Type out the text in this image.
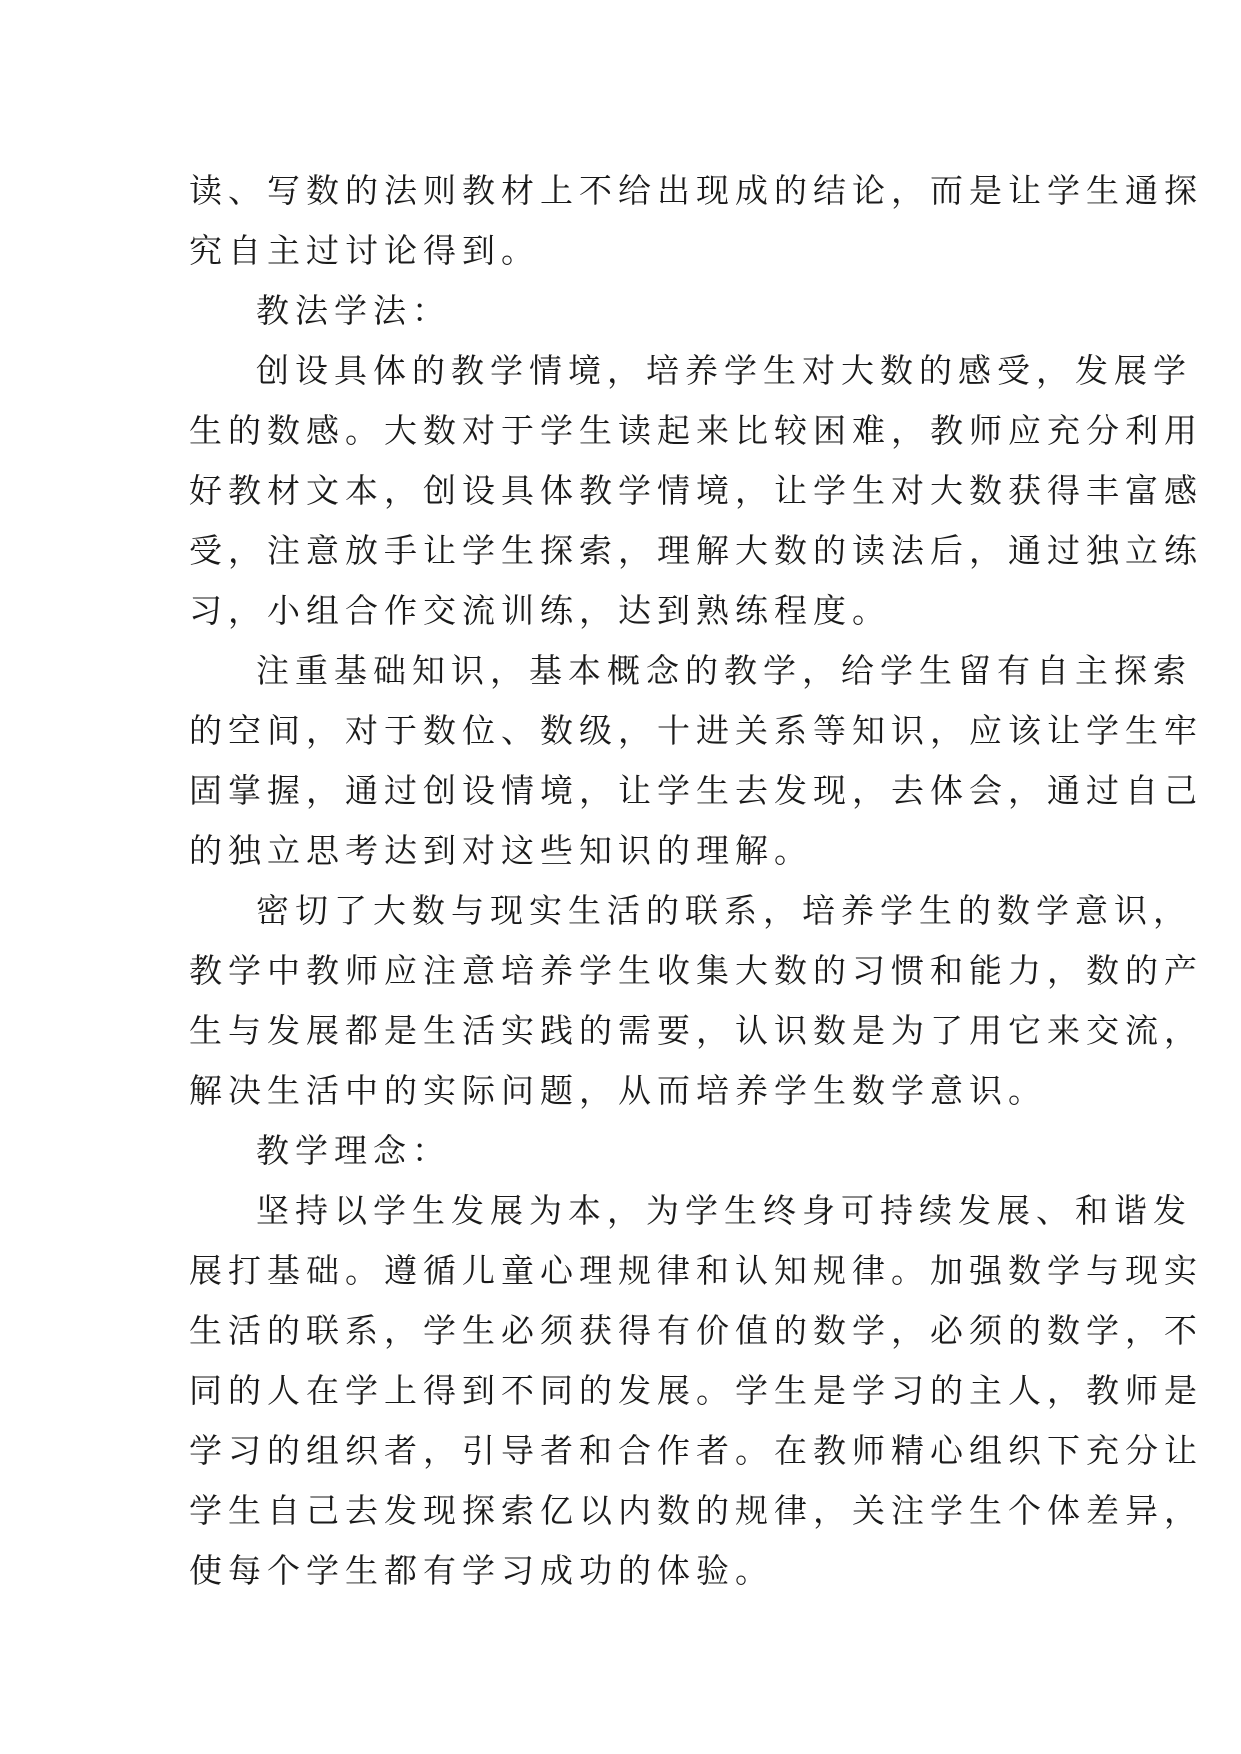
读、写数的法则教材上不给出现成的结论，而是让学生通探
究自主过讨论得到。
教法学法：
创设具体的教学情境，培养学生对大数的感受，发展学
生的数感。大数对于学生读起来比较困难，教师应充分利用
好教材文本，创设具体教学情境，让学生对大数获得丰富感
受，注意放手让学生探索，理解大数的读法后，通过独立练
习，小组合作交流训练，达到熟练程度。
注重基础知识，基本概念的教学，给学生留有自主探索
的空间，对于数位、数级，十进关系等知识，应该让学生牢
固掌握，通过创设情境，让学生去发现，去体会，通过自己
的独立思考达到对这些知识的理解。
密切了大数与现实生活的联系，培养学生的数学意识，
教学中教师应注意培养学生收集大数的习惯和能力，数的产
生与发展都是生活实践的需要，认识数是为了用它来交流，
解决生活中的实际问题，从而培养学生数学意识。
教学理念：
坚持以学生发展为本，为学生终身可持续发展、和谐发
展打基础。遵循儿童心理规律和认知规律。加强数学与现实
生活的联系，学生必须获得有价值的数学，必须的数学，不
同的人在学上得到不同的发展。学生是学习的主人，教师是
学习的组织者，引导者和合作者。在教师精心组织下充分让
学生自己去发现探索亿以内数的规律，关注学生个体差异，
使每个学生都有学习成功的体验。
